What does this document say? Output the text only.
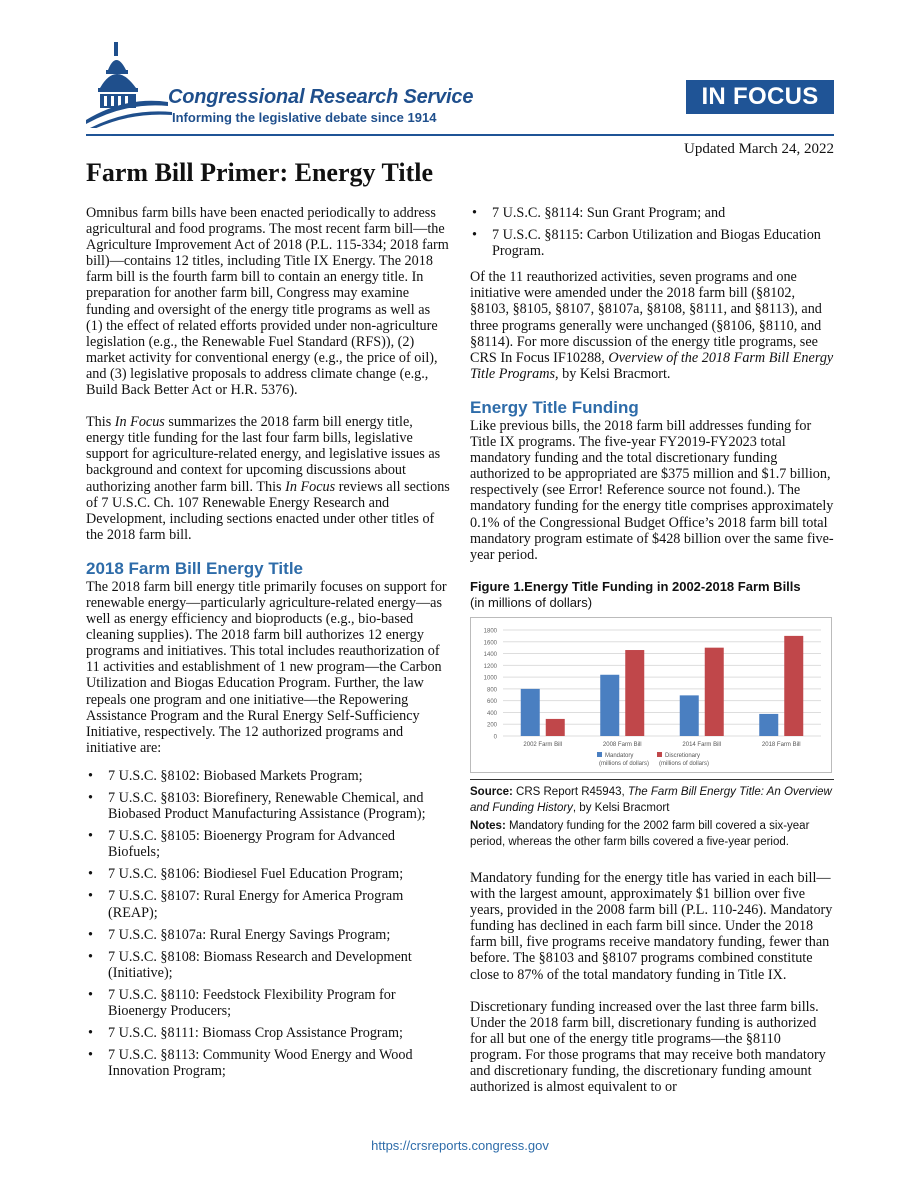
Congressional Research Service
Informing the legislative debate since 1914
IN FOCUS
Updated March 24, 2022
Farm Bill Primer: Energy Title

Omnibus farm bills have been enacted periodically to address agricultural and food programs. The most recent farm bill—the Agriculture Improvement Act of 2018 (P.L. 115-334; 2018 farm bill)—contains 12 titles, including Title IX Energy. The 2018 farm bill is the fourth farm bill to contain an energy title. In preparation for another farm bill, Congress may examine funding and oversight of the energy title programs as well as (1) the effect of related efforts provided under non-agriculture legislation (e.g., the Renewable Fuel Standard (RFS)), (2) market activity for conventional energy (e.g., the price of oil), and (3) legislative proposals to address climate change (e.g., Build Back Better Act or H.R. 5376).

This In Focus summarizes the 2018 farm bill energy title, energy title funding for the last four farm bills, legislative support for agriculture-related energy, and legislative issues as background and context for upcoming discussions about authorizing another farm bill. This In Focus reviews all sections of 7 U.S.C. Ch. 107 Renewable Energy Research and Development, including sections enacted under other titles of the 2018 farm bill.

2018 Farm Bill Energy Title

The 2018 farm bill energy title primarily focuses on support for renewable energy—particularly agriculture-related energy—as well as energy efficiency and bioproducts (e.g., bio-based cleaning supplies). The 2018 farm bill authorizes 12 energy programs and initiatives. This total includes reauthorization of 11 activities and establishment of 1 new program—the Carbon Utilization and Biogas Education Program. Further, the law repeals one program and one initiative—the Repowering Assistance Program and the Rural Energy Self-Sufficiency Initiative, respectively. The 12 authorized programs and initiative are:

• 7 U.S.C. §8102: Biobased Markets Program;
• 7 U.S.C. §8103: Biorefinery, Renewable Chemical, and Biobased Product Manufacturing Assistance (Program);
• 7 U.S.C. §8105: Bioenergy Program for Advanced Biofuels;
• 7 U.S.C. §8106: Biodiesel Fuel Education Program;
• 7 U.S.C. §8107: Rural Energy for America Program (REAP);
• 7 U.S.C. §8107a: Rural Energy Savings Program;
• 7 U.S.C. §8108: Biomass Research and Development (Initiative);
• 7 U.S.C. §8110: Feedstock Flexibility Program for Bioenergy Producers;
• 7 U.S.C. §8111: Biomass Crop Assistance Program;
• 7 U.S.C. §8113: Community Wood Energy and Wood Innovation Program;
• 7 U.S.C. §8114: Sun Grant Program; and
• 7 U.S.C. §8115: Carbon Utilization and Biogas Education Program.

Of the 11 reauthorized activities, seven programs and one initiative were amended under the 2018 farm bill (§8102, §8103, §8105, §8107, §8107a, §8108, §8111, and §8113), and three programs generally were unchanged (§8106, §8110, and §8114). For more discussion of the energy title programs, see CRS In Focus IF10288, Overview of the 2018 Farm Bill Energy Title Programs, by Kelsi Bracmort.

Energy Title Funding

Like previous bills, the 2018 farm bill addresses funding for Title IX programs. The five-year FY2019-FY2023 total mandatory funding and the total discretionary funding authorized to be appropriated are $375 million and $1.7 billion, respectively (see Error! Reference source not found.). The mandatory funding for the energy title comprises approximately 0.1% of the Congressional Budget Office’s 2018 farm bill total mandatory program estimate of $428 billion over the same five-year period.

Figure 1.Energy Title Funding in 2002-2018 Farm Bills
(in millions of dollars)
0
200
400
600
800
1000
1200
1400
1600
1800
2002 Farm Bill	2008 Farm Bill	2014 Farm Bill	2018 Farm Bill
Mandatory
(millions of dollars)
Discretionary
(millions of dollars)
Source: CRS Report R45943, The Farm Bill Energy Title: An Overview and Funding History, by Kelsi Bracmort
Notes: Mandatory funding for the 2002 farm bill covered a six-year period, whereas the other farm bills covered a five-year period.

Mandatory funding for the energy title has varied in each bill—with the largest amount, approximately $1 billion over five years, provided in the 2008 farm bill (P.L. 110-246). Mandatory funding has declined in each farm bill since. Under the 2018 farm bill, five programs receive mandatory funding, fewer than before. The §8103 and §8107 programs combined constitute close to 87% of the total mandatory funding in Title IX.

Discretionary funding increased over the last three farm bills. Under the 2018 farm bill, discretionary funding is authorized for all but one of the energy title programs—the §8110 program. For those programs that may receive both mandatory and discretionary funding, the discretionary funding amount authorized is almost equivalent to or

https://crsreports.congress.gov
